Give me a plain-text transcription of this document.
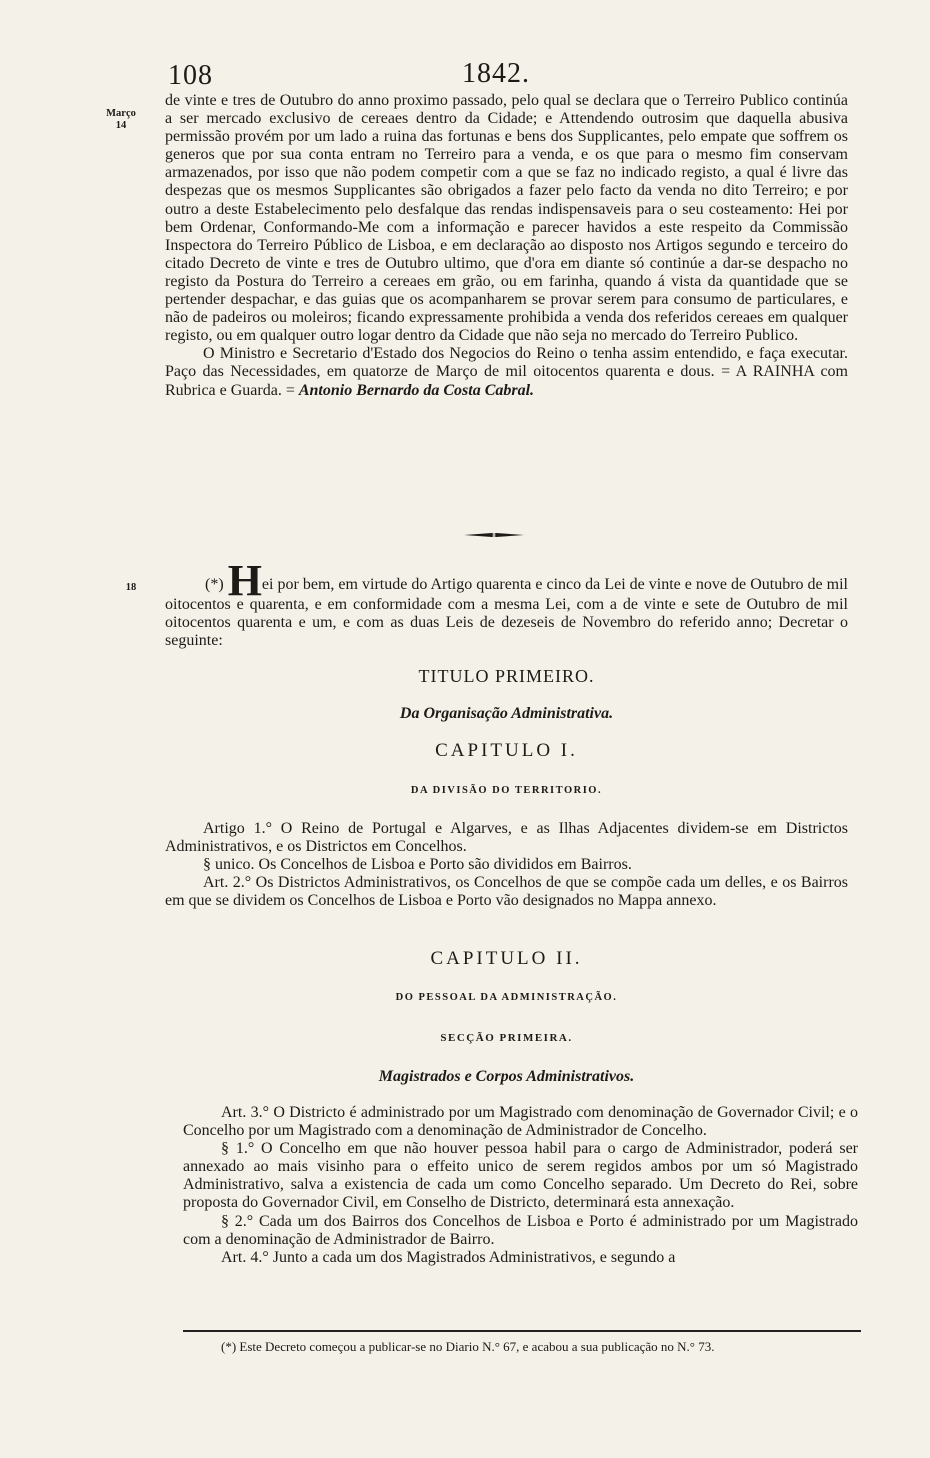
108	1842.
Março
14
18

de vinte e tres de Outubro do anno proximo passado, pelo qual se declara que o Terreiro Publico continúa a ser mercado exclusivo de cereaes dentro da Cidade; e Attendendo outrosim que daquella abusiva permissão provém por um lado a ruina das fortunas e bens dos Supplicantes, pelo empate que soffrem os generos que por sua conta entram no Terreiro para a venda, e os que para o mesmo fim conservam armazenados, por isso que não podem competir com a que se faz no indicado registo, a qual é livre das despezas que os mesmos Supplicantes são obrigados a fazer pelo facto da venda no dito Terreiro; e por outro a deste Estabelecimento pelo desfalque das rendas indispensaveis para o seu costeamento: Hei por bem Ordenar, Conformando-Me com a informação e parecer havidos a este respeito da Commissão Inspectora do Terreiro Público de Lisboa, e em declaração ao disposto nos Artigos segundo e terceiro do citado Decreto de vinte e tres de Outubro ultimo, que d'ora em diante só continúe a dar-se despacho no registo da Postura do Terreiro a cereaes em grão, ou em farinha, quando á vista da quantidade que se pertender despachar, e das guias que os acompanharem se provar serem para consumo de particulares, e não de padeiros ou moleiros; ficando expressamente prohibida a venda dos referidos cereaes em qualquer registo, ou em qualquer outro logar dentro da Cidade que não seja no mercado do Terreiro Publico.

O Ministro e Secretario d'Estado dos Negocios do Reino o tenha assim entendido, e faça executar. Paço das Necessidades, em quatorze de Março de mil oitocentos quarenta e dous. = A RAINHA com Rubrica e Guarda. = Antonio Bernardo da Costa Cabral.

(*) Hei por bem, em virtude do Artigo quarenta e cinco da Lei de vinte e nove de Outubro de mil oitocentos e quarenta, e em conformidade com a mesma Lei, com a de vinte e sete de Outubro de mil oitocentos quarenta e um, e com as duas Leis de dezeseis de Novembro do referido anno; Decretar o seguinte:

TITULO PRIMEIRO.
Da Organisação Administrativa.
CAPITULO I.
DA DIVISÃO DO TERRITORIO.

Artigo 1.° O Reino de Portugal e Algarves, e as Ilhas Adjacentes dividem-se em Districtos Administrativos, e os Districtos em Concelhos.

§ unico. Os Concelhos de Lisboa e Porto são divididos em Bairros.

Art. 2.° Os Districtos Administrativos, os Concelhos de que se compõe cada um delles, e os Bairros em que se dividem os Concelhos de Lisboa e Porto vão designados no Mappa annexo.

CAPITULO II.
DO PESSOAL DA ADMINISTRAÇÃO.
SECÇÃO PRIMEIRA.
Magistrados e Corpos Administrativos.

Art. 3.° O Districto é administrado por um Magistrado com denominação de Governador Civil; e o Concelho por um Magistrado com a denominação de Administrador de Concelho.

§ 1.° O Concelho em que não houver pessoa habil para o cargo de Administrador, poderá ser annexado ao mais visinho para o effeito unico de serem regidos ambos por um só Magistrado Administrativo, salva a existencia de cada um como Concelho separado. Um Decreto do Rei, sobre proposta do Governador Civil, em Conselho de Districto, determinará esta annexação.

§ 2.° Cada um dos Bairros dos Concelhos de Lisboa e Porto é administrado por um Magistrado com a denominação de Administrador de Bairro.

Art. 4.° Junto a cada um dos Magistrados Administrativos, e segundo a

(*) Este Decreto começou a publicar-se no Diario N.° 67, e acabou a sua publicação no N.° 73.
